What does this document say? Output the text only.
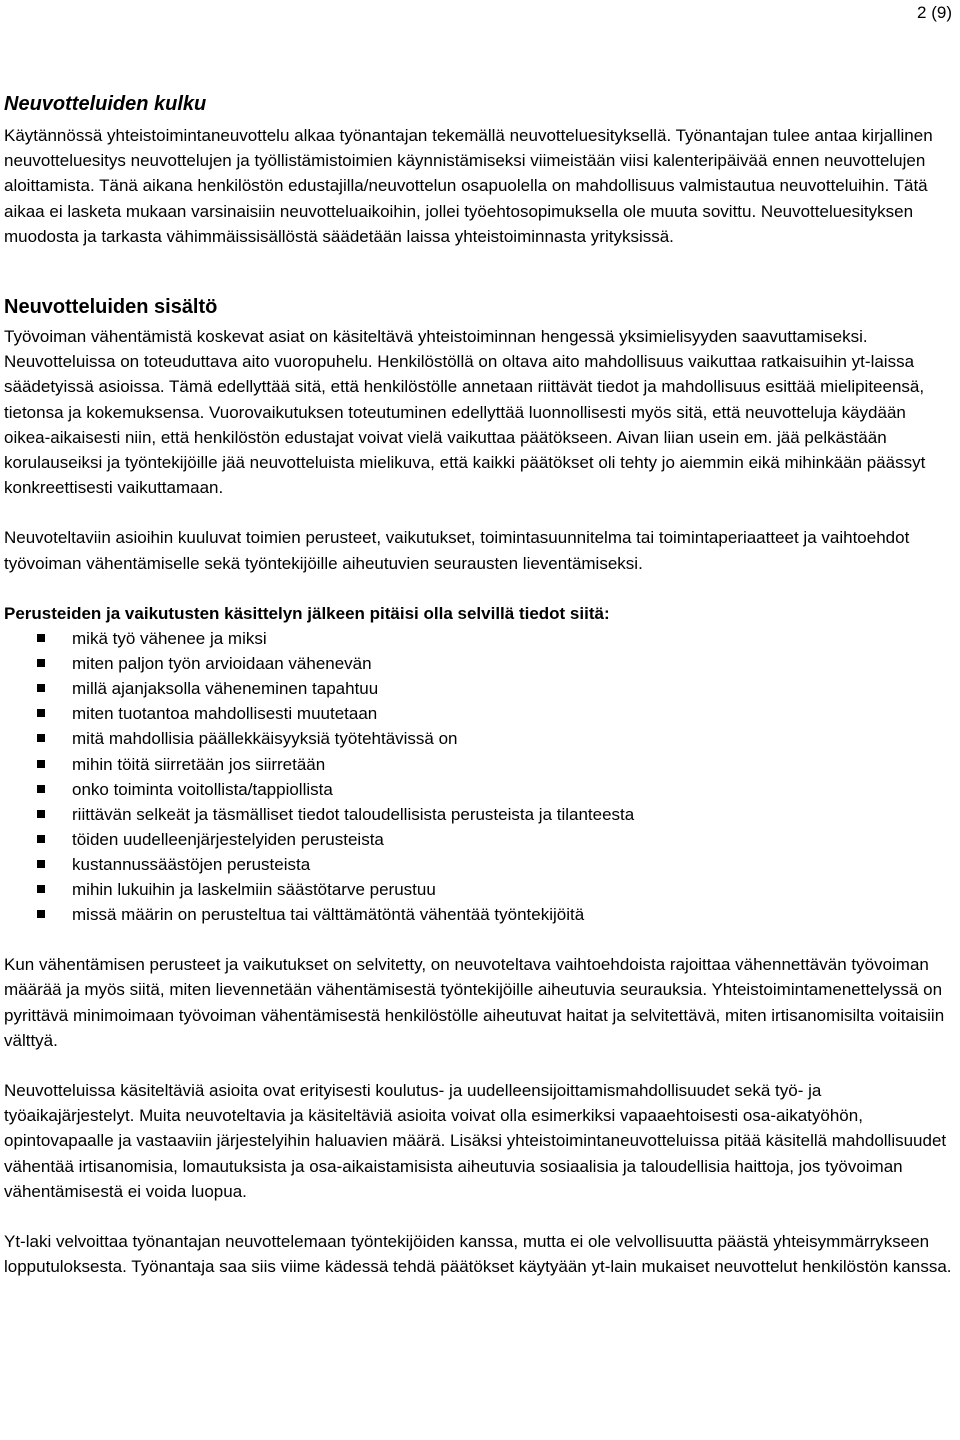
2 (9)
Neuvotteluiden kulku

Käytännössä yhteistoimintaneuvottelu alkaa työnantajan tekemällä neuvotteluesityksellä. Työnantajan tulee antaa kirjallinen neuvotteluesitys neuvottelujen ja työllistämistoimien käynnistämiseksi viimeistään viisi kalenteripäivää ennen neuvottelujen aloittamista. Tänä aikana henkilöstön edustajilla/neuvottelun osapuolella on mahdollisuus valmistautua neuvotteluihin. Tätä aikaa ei lasketa mukaan varsinaisiin neuvotteluaikoihin, jollei työehtosopimuksella ole muuta sovittu. Neuvotteluesityksen muodosta ja tarkasta vähimmäissisällöstä säädetään laissa yhteistoiminnasta yrityksissä.

Neuvotteluiden sisältö

Työvoiman vähentämistä koskevat asiat on käsiteltävä yhteistoiminnan hengessä yksimielisyyden saavuttamiseksi. Neuvotteluissa on toteuduttava aito vuoropuhelu. Henkilöstöllä on oltava aito mahdollisuus vaikuttaa ratkaisuihin yt-laissa säädetyissä asioissa. Tämä edellyttää sitä, että henkilöstölle annetaan riittävät tiedot ja mahdollisuus esittää mielipiteensä, tietonsa ja kokemuksensa. Vuorovaikutuksen toteutuminen edellyttää luonnollisesti myös sitä, että neuvotteluja käydään oikea-aikaisesti niin, että henkilöstön edustajat voivat vielä vaikuttaa päätökseen. Aivan liian usein em. jää pelkästään korulauseiksi ja työntekijöille jää neuvotteluista mielikuva, että kaikki päätökset oli tehty jo aiemmin eikä mihinkään päässyt konkreettisesti vaikuttamaan.

Neuvoteltaviin asioihin kuuluvat toimien perusteet, vaikutukset, toimintasuunnitelma tai toimintaperiaatteet ja vaihtoehdot työvoiman vähentämiselle sekä työntekijöille aiheutuvien seurausten lieventämiseksi.

Perusteiden ja vaikutusten käsittelyn jälkeen pitäisi olla selvillä tiedot siitä:

mikä työ vähenee ja miksi
miten paljon työn arvioidaan vähenevän
millä ajanjaksolla väheneminen tapahtuu
miten tuotantoa mahdollisesti muutetaan
mitä mahdollisia päällekkäisyyksiä työtehtävissä on
mihin töitä siirretään jos siirretään
onko toiminta voitollista/tappiollista
riittävän selkeät ja täsmälliset tiedot taloudellisista perusteista ja tilanteesta
töiden uudelleenjärjestelyiden perusteista
kustannussäästöjen perusteista
mihin lukuihin ja laskelmiin säästötarve perustuu
missä määrin on perusteltua tai välttämätöntä vähentää työntekijöitä

Kun vähentämisen perusteet ja vaikutukset on selvitetty, on neuvoteltava vaihtoehdoista rajoittaa vähennettävän työvoiman määrää ja myös siitä, miten lievennetään vähentämisestä työntekijöille aiheutuvia seurauksia. Yhteistoimintamenettelyssä on pyrittävä minimoimaan työvoiman vähentämisestä henkilöstölle aiheutuvat haitat ja selvitettävä, miten irtisanomisilta voitaisiin välttyä.

Neuvotteluissa käsiteltäviä asioita ovat erityisesti koulutus- ja uudelleensijoittamismahdollisuudet sekä työ- ja työaikajärjestelyt. Muita neuvoteltavia ja käsiteltäviä asioita voivat olla esimerkiksi vapaaehtoisesti osa-aikatyöhön, opintovapaalle ja vastaaviin järjestelyihin haluavien määrä. Lisäksi yhteistoimintaneuvotteluissa pitää käsitellä mahdollisuudet vähentää irtisanomisia, lomautuksista ja osa-aikaistamisista aiheutuvia sosiaalisia ja taloudellisia haittoja, jos työvoiman vähentämisestä ei voida luopua.

Yt-laki velvoittaa työnantajan neuvottelemaan työntekijöiden kanssa, mutta ei ole velvollisuutta päästä yhteisymmärrykseen lopputuloksesta. Työnantaja saa siis viime kädessä tehdä päätökset käytyään yt-lain mukaiset neuvottelut henkilöstön kanssa.
